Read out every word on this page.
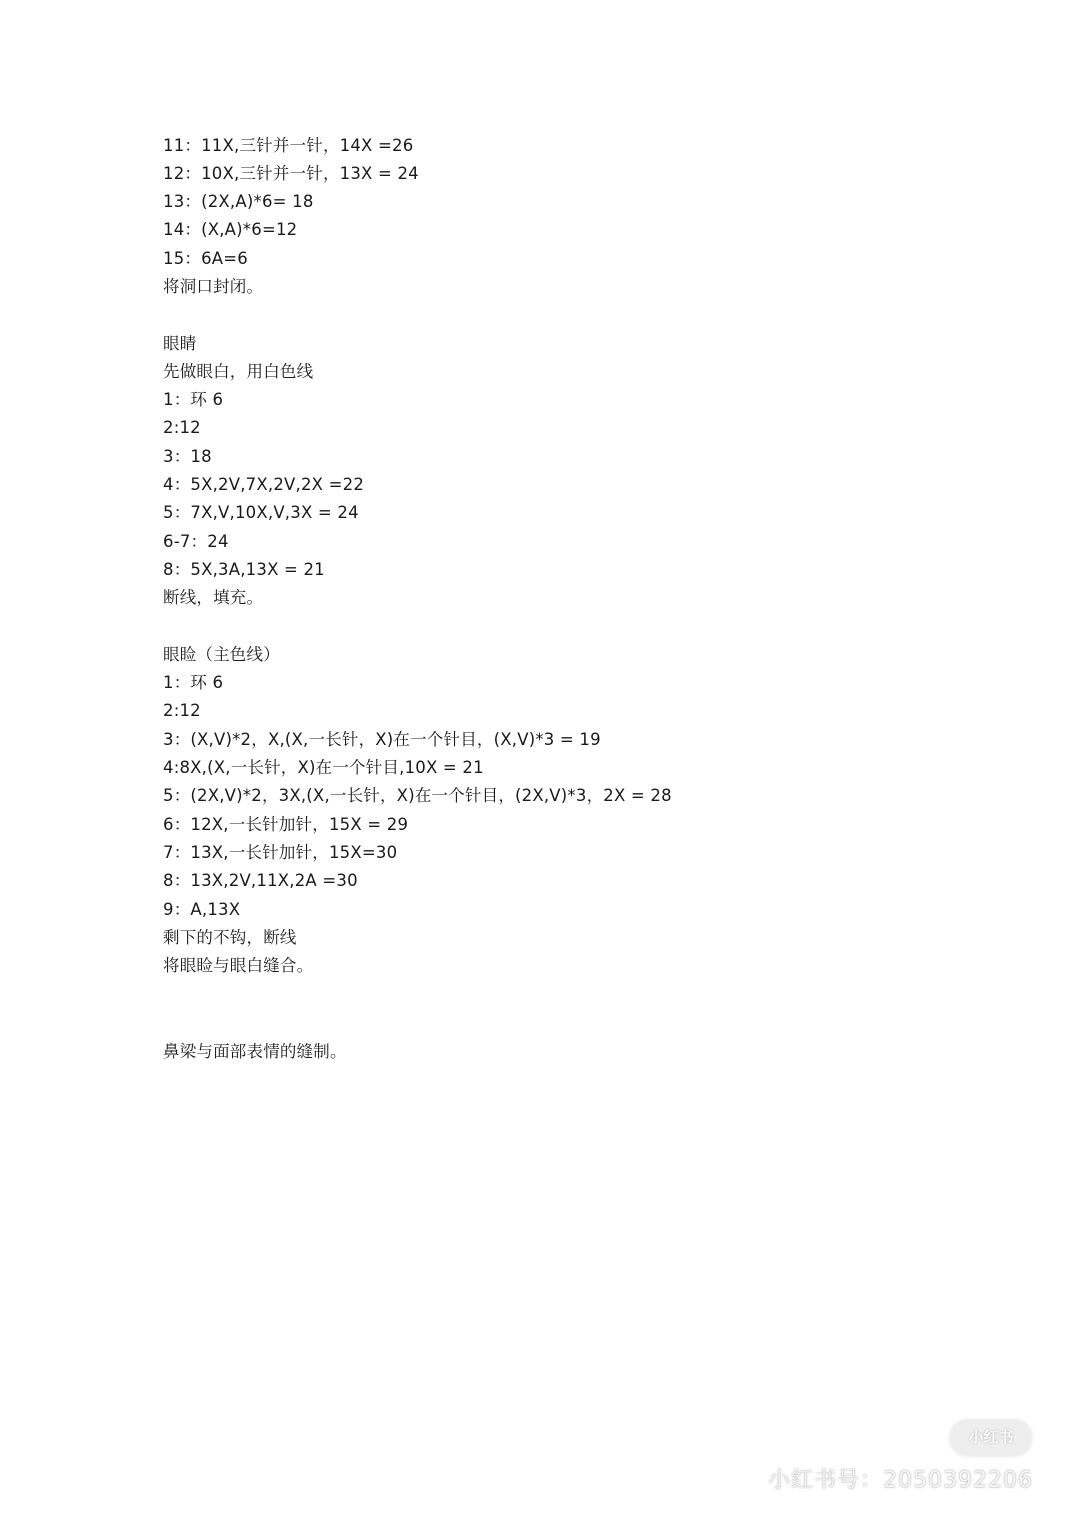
11：11X,三针并一针，14X =26
12：10X,三针并一针，13X = 24
13：(2X,A)*6= 18
14：(X,A)*6=12
15：6A=6
将洞口封闭。
眼睛
先做眼白，用白色线
1：环 6
2:12
3：18
4：5X,2V,7X,2V,2X =22
5：7X,V,10X,V,3X = 24
6-7：24
8：5X,3A,13X = 21
断线，填充。
眼睑（主色线）
1：环 6
2:12
3：(X,V)*2，X,(X,一长针，X)在一个针目，(X,V)*3 = 19
4:8X,(X,一长针，X)在一个针目,10X = 21
5：(2X,V)*2，3X,(X,一长针，X)在一个针目，(2X,V)*3，2X = 28
6：12X,一长针加针，15X = 29
7：13X,一长针加针，15X=30
8：13X,2V,11X,2A =30
9：A,13X
剩下的不钩，断线
将眼睑与眼白缝合。
鼻梁与面部表情的缝制。
小红书
小红书号：2050392206
